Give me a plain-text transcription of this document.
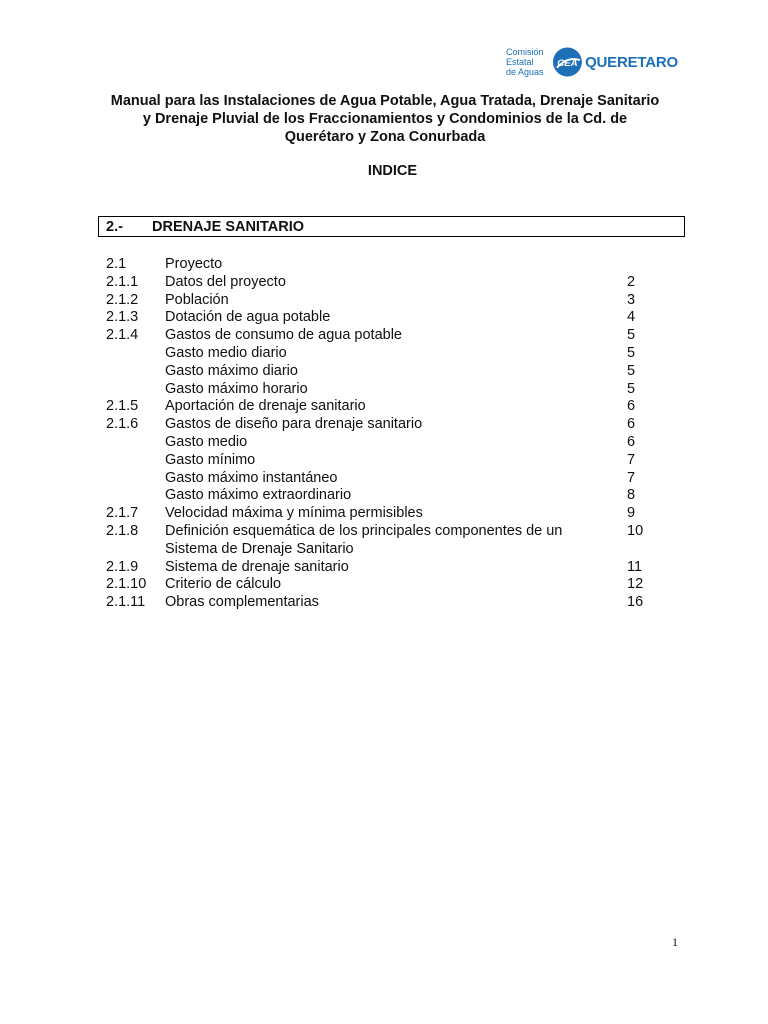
Comisión
Estatal
de Aguas
CEA QUERETARO
Manual para las Instalaciones de Agua Potable, Agua Tratada, Drenaje Sanitario
y Drenaje Pluvial de los Fraccionamientos y Condominios de la Cd. de
Querétaro y Zona Conurbada
INDICE
2.- DRENAJE SANITARIO
2.1	Proyecto
2.1.1 Datos del proyecto	2
2.1.2 Población	3
2.1.3 Dotación de agua potable	4
2.1.4 Gastos de consumo de agua potable	5
Gasto medio diario	5
Gasto máximo diario	5
Gasto máximo horario	5
2.1.5 Aportación de drenaje sanitario	6
2.1.6 Gastos de diseño para drenaje sanitario	6
Gasto medio	6
Gasto mínimo	7
Gasto máximo instantáneo	7
Gasto máximo extraordinario	8
2.1.7 Velocidad máxima y mínima permisibles	9
2.1.8 Definición esquemática de los principales componentes de un	10
Sistema de Drenaje Sanitario
2.1.9 Sistema de drenaje sanitario	11
2.1.10 Criterio de cálculo	12
2.1.11 Obras complementarias	16
1
